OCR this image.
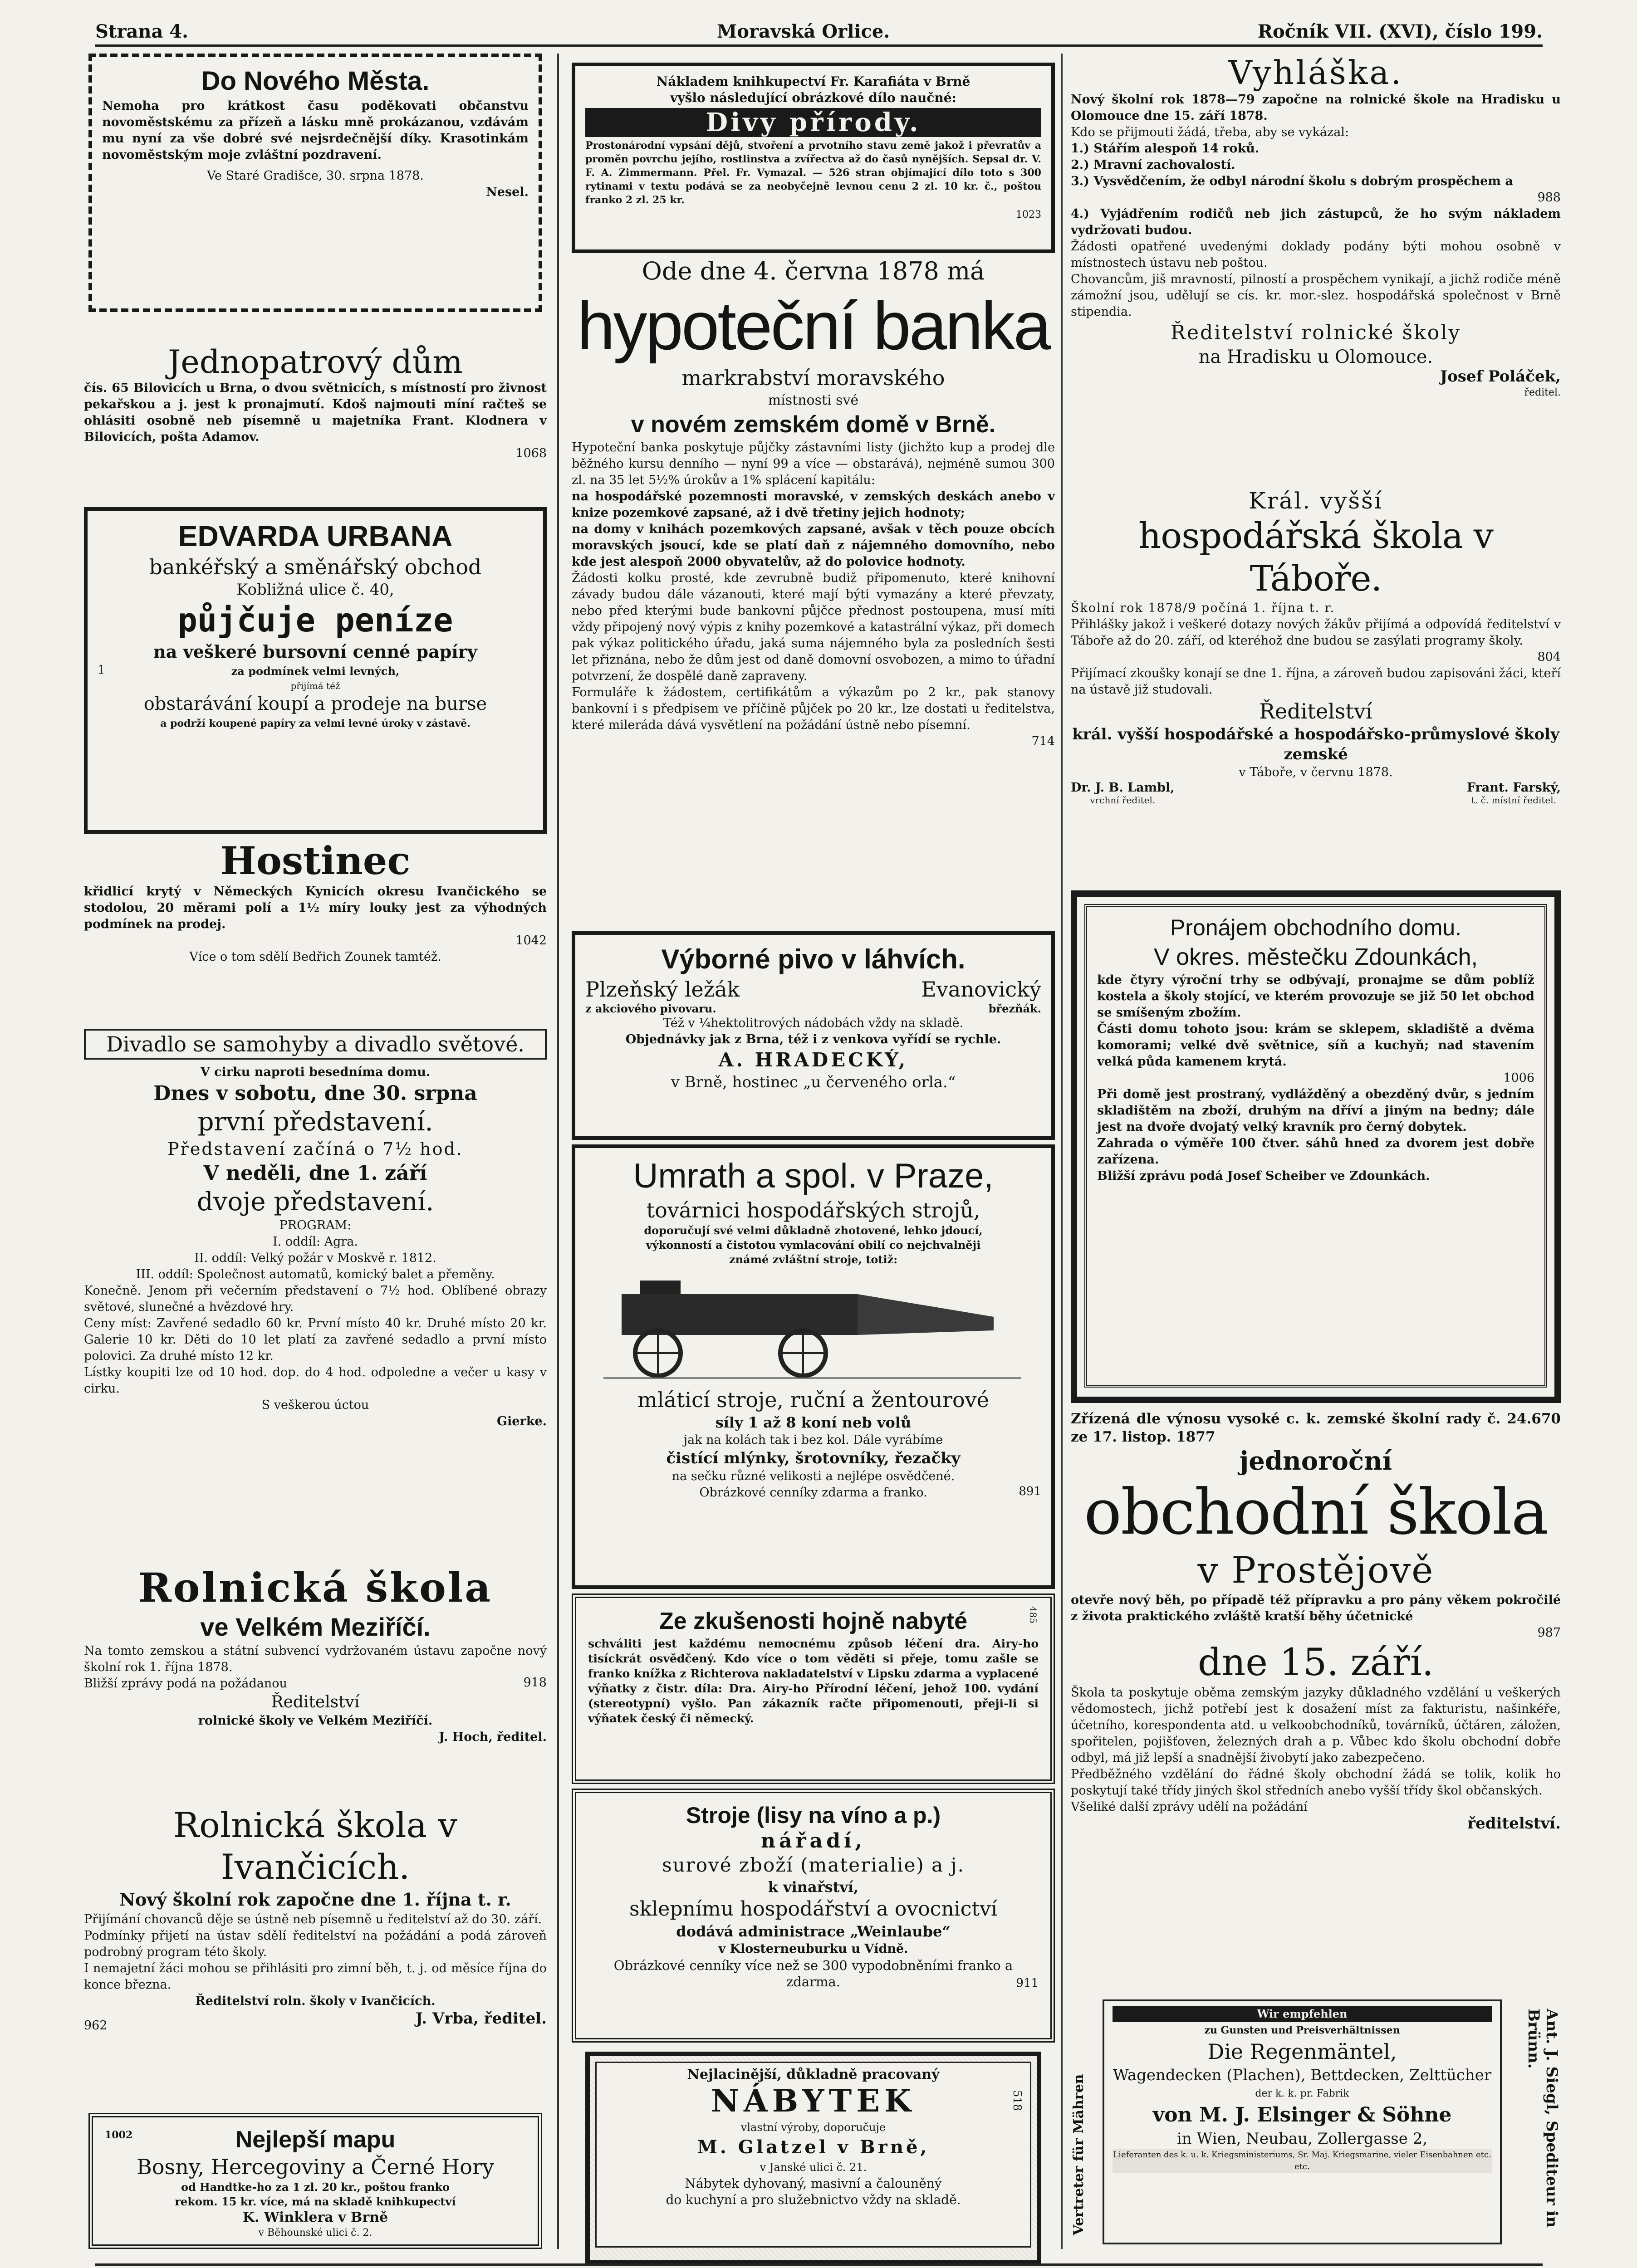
Strana 4.	Moravská Orlice.	Ročník VII. (XVI), číslo 199.
Do Nového Města.

Nemoha pro krátkost času poděkovati občanstvu novoměstskému za přízeň a lásku mně prokázanou, vzdávám mu nyní za vše dobré své nejsrdečnější díky. Krasotinkám novoměstským moje zvláštní pozdravení.

Ve Staré Gradišce, 30. srpna 1878.

Nesel.

Jednopatrový dům

čís. 65 Bilovicích u Brna, o dvou světnicích, s místností pro živnost pekařskou a j. jest k pronajmutí. Kdoš najmouti míní račteš se ohlásiti osobně neb písemně u majetníka Frant. Klodnera v Bilovicích, pošta Adamov.

1068

EDVARDA URBANA
bankéřský a směnářský obchod
Kobližná ulice č. 40,
půjčuje peníze
na veškeré bursovní cenné papíry
1	za podmínek velmi levných,
přijímá též
obstarávání koupí a prodeje na burse
a podrží koupené papíry za velmi levné úroky v zástavě.
Hostinec

křidlicí krytý v Německých Kynicích okresu Ivančického se stodolou, 20 měrami polí a 1½ míry louky jest za výhodných podmínek na prodej.

1042

Více o tom sdělí Bedřich Zounek tamtéž.

Divadlo se samohyby a divadlo světové.
V cirku naproti besedníma domu.
Dnes v sobotu, dne 30. srpna
první představení.
Představení začíná o 7½ hod.
V neděli, dne 1. září
dvoje představení.
PROGRAM:
I. oddíl: Agra.
II. oddíl: Velký požár v Moskvě r. 1812.
III. oddíl: Společnost automatů, komický balet a přeměny.

Konečně. Jenom při večerním představení o 7½ hod. Oblíbené obrazy světové, slunečné a hvězdové hry.

Ceny míst: Zavřené sedadlo 60 kr. První místo 40 kr. Druhé místo 20 kr. Galerie 10 kr. Děti do 10 let platí za zavřené sedadlo a první místo polovici. Za druhé místo 12 kr.

Lístky koupiti lze od 10 hod. dop. do 4 hod. odpoledne a večer u kasy v cirku.

S veškerou úctou

Gierke.

Rolnická škola
ve Velkém Meziříčí.

Na tomto zemskou a státní subvencí vydržovaném ústavu započne nový školní rok 1. října 1878.

Bližší zprávy podá na požádanou	918
Ředitelství
rolnické školy ve Velkém Meziříčí.

J. Hoch, ředitel.

Rolnická škola v Ivančicích.
Nový školní rok započne dne 1. října t. r.

Přijímání chovanců děje se ústně neb písemně u ředitelství až do 30. září.

Podmínky přijetí na ústav sdělí ředitelství na požádání a podá zároveň podrobný program této školy.

I nemajetní žáci mohou se přihlásiti pro zimní běh, t. j. od měsíce října do konce března.

Ředitelství roln. školy v Ivančicích.

962	J. Vrba, ředitel.
1002	Nejlepší mapu
Bosny, Hercegoviny a Černé Hory
od Handtke-ho za 1 zl. 20 kr., poštou franko
rekom. 15 kr. více, má na skladě knihkupectví
K. Winklera v Brně
v Běhounské ulici č. 2.
Nákladem knihkupectví Fr. Karafiáta v Brně
vyšlo následující obrázkové dílo naučné:
Divy přírody.

Prostonárodní vypsání dějů, stvoření a prvotního stavu země jakož i převratův a proměn povrchu jejího, rostlinstva a zvířectva až do časů nynějších. Sepsal dr. V. F. A. Zimmermann. Přel. Fr. Vymazal. — 526 stran objímající dílo toto s 300 rytinami v textu podává se za neobyčejně levnou cenu 2 zl. 10 kr. č., poštou franko 2 zl. 25 kr.

1023

Ode dne 4. června 1878 má
hypoteční banka
markrabství moravského
místnosti své
v novém zemském domě v Brně.

Hypoteční banka poskytuje půjčky zástavními listy (jichžto kup a prodej dle běžného kursu denního — nyní 99 a více — obstarává), nejméně sumou 300 zl. na 35 let 5½% úrokův a 1% splácení kapitálu:

na hospodářské pozemnosti moravské, v zemských deskách anebo v knize pozemkové zapsané, až i dvě třetiny jejich hodnoty;

na domy v knihách pozemkových zapsané, avšak v těch pouze obcích moravských jsoucí, kde se platí daň z nájemného domovního, nebo kde jest alespoň 2000 obyvatelův, až do polovice hodnoty.

Žádosti kolku prosté, kde zevrubně budiž připomenuto, které knihovní závady budou dále vázanouti, které mají býti vymazány a které převzaty, nebo před kterými bude bankovní půjčce přednost postoupena, musí míti vždy připojený nový výpis z knihy pozemkové a katastrální výkaz, při domech pak výkaz politického úřadu, jaká suma nájemného byla za posledních šesti let přiznána, nebo že dům jest od daně domovní osvobozen, a mimo to úřadní potvrzení, že dospělé daně zapraveny.

Formuláře k žádostem, certifikátům a výkazům po 2 kr., pak stanovy bankovní i s předpisem ve příčině půjček po 20 kr., lze dostati u ředitelstva, které mileráda dává vysvětlení na požádání ústně nebo písemní.

714

Výborné pivo v láhvích.
Plzeňský ležák
z akciového pivovaru.
Evanovický
březňák.
Též v ¼hektolitrových nádobách vždy na skladě.
Objednávky jak z Brna, též i z venkova vyřídí se rychle.
A. HRADECKÝ,
v Brně, hostinec „u červeného orla.“
Umrath a spol. v Praze,
továrnici hospodářských strojů,
doporučují své velmi důkladně zhotovené, lehko jdoucí,
výkonností a čistotou vymlacování obilí co nejchvalněji
známé zvláštní stroje, totiž:
mláticí stroje, ruční a žentourové
síly 1 až 8 koní neb volů
jak na kolách tak i bez kol. Dále vyrábíme
čistící mlýnky, šrotovníky, řezačky
na sečku různé velikosti a nejlépe osvědčené.
Obrázkové cenníky zdarma a franko.	891
Ze zkušenosti hojně nabyté	485

schváliti jest každému nemocnému způsob léčení dra. Airy-ho tisíckrát osvědčený. Kdo více o tom věděti si přeje, tomu zašle se franko knížka z Richterova nakladatelství v Lipsku zdarma a vyplacené výňatky z čistr. díla: Dra. Airy-ho Přírodní léčení, jehož 100. vydání (stereotypní) vyšlo. Pan zákazník račte připomenouti, přeji-li si výňatek český či německý.

Stroje (lisy na víno a p.)
nářadí,
surové zboží (materialie) a j.
k vinařství,
sklepnímu hospodářství a ovocnictví
dodává administrace „Weinlaube“
v Klosterneuburku u Vídně.
Obrázkové cenníky více než se 300 vypodobněními franko a zdarma.	911
Nejlacinější, důkladně pracovaný
NÁBYTEK
vlastní výroby, doporučuje
M. Glatzel v Brně,
v Janské ulici č. 21.
Nábytek dyhovaný, masivní a čalouněný
do kuchyní a pro služebnictvo vždy na skladě.
518
Vyhláška.

Nový školní rok 1878—79 započne na rolnické škole na Hradisku u Olomouce dne 15. září 1878.

Kdo se přijmouti žádá, třeba, aby se vykázal:

1.) Stářím alespoň 14 roků.

2.) Mravní zachovalostí.

3.) Vysvědčením, že odbyl národní školu s dobrým prospěchem a

988

4.) Vyjádřením rodičů neb jich zástupců, že ho svým nákladem vydržovati budou.

Žádosti opatřené uvedenými doklady podány býti mohou osobně v místnostech ústavu neb poštou.

Chovancům, jiš mravností, pilností a prospěchem vynikají, a jichž rodiče méně zámožní jsou, udělují se cís. kr. mor.-slez. hospodářská společnost v Brně stipendia.

Ředitelství rolnické školy
na Hradisku u Olomouce.

Josef Poláček,

ředitel.

Král. vyšší
hospodářská škola v Táboře.

Školní rok 1878/9 počíná 1. října t. r.

Přihlášky jakož i veškeré dotazy nových žákův přijímá a odpovídá ředitelství v Táboře až do 20. září, od kteréhož dne budou se zasýlati programy školy.

804

Přijímací zkoušky konají se dne 1. října, a zároveň budou zapisováni žáci, kteří na ústavě již studovali.

Ředitelství
král. vyšší hospodářské a hospodářsko-průmyslové školy zemské
v Táboře, v červnu 1878.
Dr. J. B. Lambl,
vrchní ředitel.
Frant. Farský,
t. č. místní ředitel.
Pronájem obchodního domu.
V okres. městečku Zdounkách,

kde čtyry výroční trhy se odbývají, pronajme se dům poblíž kostela a školy stojící, ve kterém provozuje se již 50 let obchod se smíšeným zbožím.

Části domu tohoto jsou: krám se sklepem, skladiště a dvěma komorami; velké dvě světnice, síň a kuchyň; nad stavením velká půda kamenem krytá.

1006

Při domě jest prostraný, vydlážděný a obezděný dvůr, s jedním skladištěm na zboží, druhým na dříví a jiným na bedny; dále jest na dvoře dvojatý velký kravník pro černý dobytek.

Zahrada o výměře 100 čtver. sáhů hned za dvorem jest dobře zařízena.

Bližší zprávu podá Josef Scheiber ve Zdounkách.

Zřízená dle výnosu vysoké c. k. zemské školní rady č. 24.670 ze 17. listop. 1877

jednoroční
obchodní škola
v Prostějově

otevře nový běh, po případě též přípravku a pro pány věkem pokročilé z života praktického zvláště kratší běhy účetnické

987

dne 15. září.

Škola ta poskytuje oběma zemským jazyky důkladného vzdělání u veškerých vědomostech, jichž potřebí jest k dosažení míst za fakturistu, našinkéře, účetního, korespondenta atd. u velkoobchodníků, továrníků, účtáren, záložen, spořitelen, pojišťoven, železných drah a p. Vůbec kdo školu obchodní dobře odbyl, má již lepší a snadnější živobytí jako zabezpečeno.

Předběžného vzdělání do řádné školy obchodní žádá se tolik, kolik ho poskytují také třídy jiných škol středních anebo vyšší třídy škol občanských.

Všeliké další zprávy udělí na požádání

ředitelství.

Vertreter für Mähren
Wir empfehlen
zu Gunsten und Preisverhältnissen
Die Regenmäntel,
Wagendecken (Plachen), Bettdecken, Zelttücher
der k. k. pr. Fabrik
von M. J. Elsinger & Söhne
in Wien, Neubau, Zollergasse 2,
Lieferanten des k. u. k. Kriegsministeriums, Sr. Maj. Kriegsmarine, vieler Eisenbahnen etc. etc.	Ant. J. Siegl, Spediteur in Brünn.
